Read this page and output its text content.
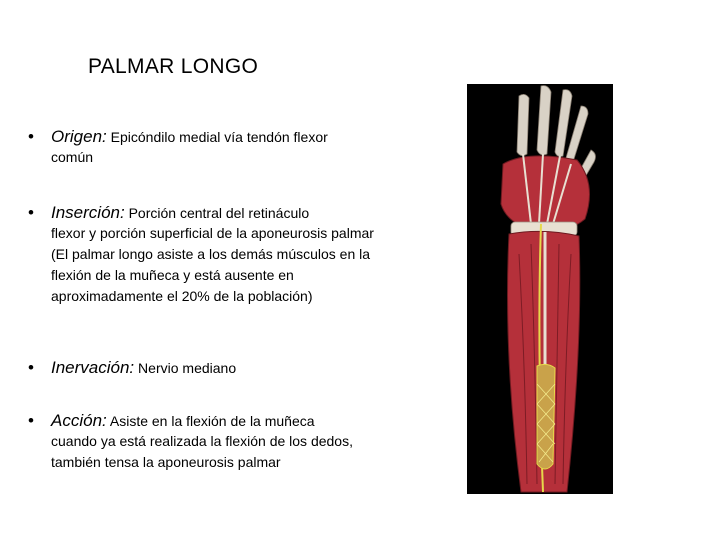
PALMAR LONGO
• Origen: Epicóndilo medial vía tendón flexor
común
• Inserción: Porción central del retináculo
flexor y porción superficial de la aponeurosis palmar (El palmar longo asiste a los demás músculos en la flexión de la muñeca y está ausente en aproximadamente el 20% de la población)
• Inervación: Nervio mediano
• Acción: Asiste en la flexión de la muñeca
cuando ya está realizada la flexión de los dedos, también tensa la aponeurosis palmar
